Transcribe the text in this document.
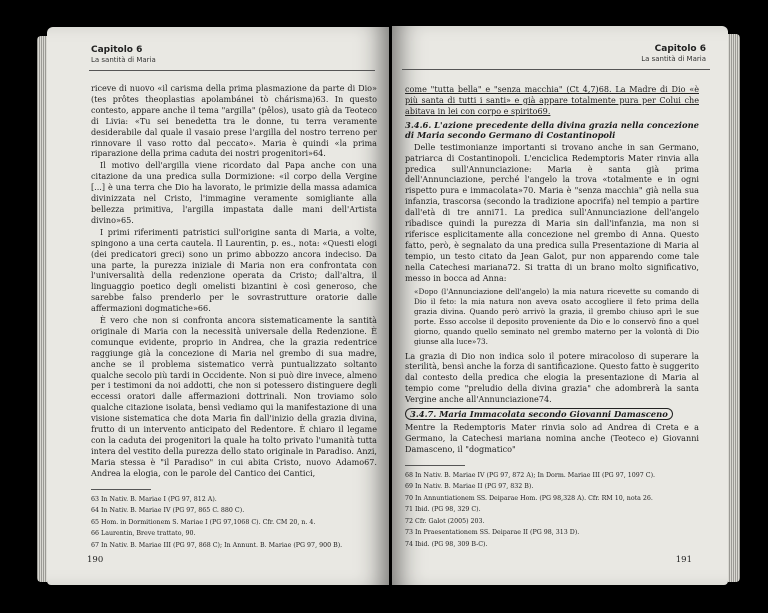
Capitolo 6
La santità di Maria

riceve di nuovo «il carisma della prima plasmazione da parte di Dio» (tes prôtes theoplastias apolambánei tò chárisma)63. In questo contesto, appare anche il tema "argilla" (pêlos), usato già da Teoteco di Livia: «Tu sei benedetta tra le donne, tu terra veramente desiderabile dal quale il vasaio prese l'argilla del nostro terreno per rinnovare il vaso rotto dal peccato». Maria è quindi «la prima riparazione della prima caduta dei nostri progenitori»64.

Il motivo dell'argilla viene ricordato dal Papa anche con una citazione da una predica sulla Dormizione: «il corpo della Vergine [...] è una terra che Dio ha lavorato, le primizie della massa adamica divinizzata nel Cristo, l'immagine veramente somigliante alla bellezza primitiva, l'argilla impastata dalle mani dell'Artista divino»65.

I primi riferimenti patristici sull'origine santa di Maria, a volte, spingono a una certa cautela. Il Laurentin, p. es., nota: «Questi elogi (dei predicatori greci) sono un primo abbozzo ancora indeciso. Da una parte, la purezza iniziale di Maria non era confrontata con l'universalità della redenzione operata da Cristo; dall'altra, il linguaggio poetico degli omelisti bizantini è così generoso, che sarebbe falso prenderlo per le sovrastrutture oratorie dalle affermazioni dogmatiche»66.

È vero che non si confronta ancora sistematicamente la santità originale di Maria con la necessità universale della Redenzione. È comunque evidente, proprio in Andrea, che la grazia redentrice raggiunge già la concezione di Maria nel grembo di sua madre, anche se il problema sistematico verrà puntualizzato soltanto qualche secolo più tardi in Occidente. Non si può dire invece, almeno per i testimoni da noi addotti, che non si potessero distinguere degli eccessi oratori dalle affermazioni dottrinali. Non troviamo solo qualche citazione isolata, bensì vediamo qui la manifestazione di una visione sistematica che dota Maria fin dall'inizio della grazia divina, frutto di un intervento anticipato del Redentore. È chiaro il legame con la caduta dei progenitori la quale ha tolto privato l'umanità tutta intera del vestito della purezza dello stato originale in Paradiso. Anzi, Maria stessa è "il Paradiso" in cui abita Cristo, nuovo Adamo67. Andrea la elogia, con le parole del Cantico dei Cantici,

63 In Nativ. B. Mariae I (PG 97, 812 A).
64 In Nativ. B. Mariae IV (PG 97, 865 C. 880 C).
65 Hom. in Dormitionem S. Mariae I (PG 97,1068 C). Cfr. CM 20, n. 4.
66 Laurentin, Breve trattato, 90.
67 In Nativ. B. Mariae III (PG 97, 868 C); In Annunt. B. Mariae (PG 97, 900 B).
190
Capitolo 6
La santità di Maria

come "tutta bella" e "senza macchia" (Ct 4,7)68. La Madre di Dio «è più santa di tutti i santi» e già appare totalmente pura per Colui che abitava in lei con corpo e spirito69.

3.4.6. L'azione precedente della divina grazia nella concezione di Maria secondo Germano di Costantinopoli

Delle testimonianze importanti si trovano anche in san Germano, patriarca di Costantinopoli. L'enciclica Redemptoris Mater rinvia alla predica sull'Annunciazione: Maria è santa già prima dell'Annunciazione, perché l'angelo la trova «totalmente e in ogni rispetto pura e immacolata»70. Maria è "senza macchia" già nella sua infanzia, trascorsa (secondo la tradizione apocrifa) nel tempio a partire dall'età di tre anni71. La predica sull'Annunciazione dell'angelo ribadisce quindi la purezza di Maria sin dall'infanzia, ma non si riferisce esplicitamente alla concezione nel grembo di Anna. Questo fatto, però, è segnalato da una predica sulla Presentazione di Maria al tempio, un testo citato da Jean Galot, pur non apparendo come tale nella Catechesi mariana72. Si tratta di un brano molto significativo, messo in bocca ad Anna:

«Dopo (l'Annunciazione dell'angelo) la mia natura ricevette su comando di Dio il feto: la mia natura non aveva osato accogliere il feto prima della grazia divina. Quando però arrivò la grazia, il grembo chiuso aprì le sue porte. Esso accolse il deposito proveniente da Dio e lo conservò fino a quel giorno, quando quello seminato nel grembo materno per la volontà di Dio giunse alla luce»73.

La grazia di Dio non indica solo il potere miracoloso di superare la sterilità, bensì anche la forza di santificazione. Questo fatto è suggerito dal contesto della predica che elogia la presentazione di Maria al tempio come "preludio della divina grazia" che adombrerà la santa Vergine anche all'Annunciazione74.

3.4.7. Maria Immacolata secondo Giovanni Damasceno

Mentre la Redemptoris Mater rinvia solo ad Andrea di Creta e a Germano, la Catechesi mariana nomina anche (Teoteco e) Giovanni Damasceno, il "dogmatico"

68 In Nativ. B. Mariae IV (PG 97, 872 A); In Dorm. Mariae III (PG 97, 1097 C).
69 In Nativ. B. Mariae II (PG 97, 832 B).
70 In Annuntiationem SS. Deiparae Hom. (PG 98,328 A). Cfr. RM 10, nota 26.
71 Ibid. (PG 98, 329 C).
72 Cfr. Galot (2005) 203.
73 In Praesentationem SS. Deiparae II (PG 98, 313 D).
74 Ibid. (PG 98, 309 B-C).
191
